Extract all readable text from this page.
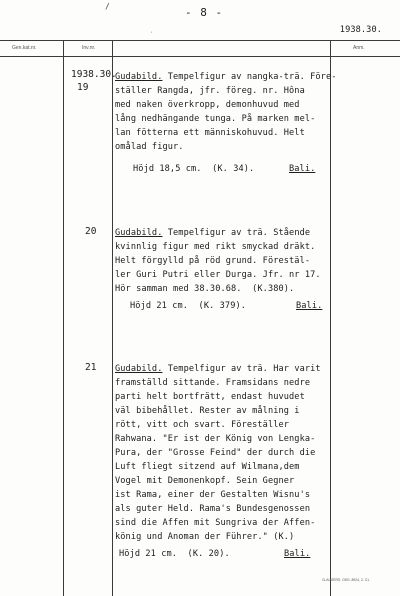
- 8 -
1938.30.
/
·
Gen.kat.nr.	Inv.nr.	Anm.
1938.30.
19
Gudabild. Tempelfigur av nangka-trä. Före-
ställer Rangda, jfr. föreg. nr. Hôna
med naken överkropp, demonhuvud med
lång nedhängande tunga. På marken mel-
lan fötterna ett människohuvud. Helt
omålad figur.
Höjd 18,5 cm.  (K. 34).	Bali.
20 Gudabild. Tempelfigur av trä. Stående
kvinnlig figur med rikt smyckad dräkt.
Helt förgylld på röd grund. Förestäl-
ler Guri Putri eller Durga. Jfr. nr 17.
Hör samman med 38.30.68.  (K.380).
Höjd 21 cm.  (K. 379).	Bali.
21 Gudabild. Tempelfigur av trä. Har varit
framställd sittande. Framsidans nedre
parti helt bortfrätt, endast huvudet
väl bibehållet. Rester av målning i
rött, vitt och svart. Föreställer
Rahwana. "Er ist der König von Lengka-
Pura, der "Grosse Feind" der durch die
Luft fliegt sitzend auf Wilmana,dem
Vogel mit Demonenkopf. Sein Gegner
ist Rama, einer der Gestalten Wisnu's
als guter Held. Rama's Bundesgenossen
sind die Affen mit Sungriva der Affen-
könig und Anoman der Führer." (K.)
Höjd 21 cm.  (K. 20).	Bali.
CLAUSÉRS. OSG. 8924, 2. C1.
